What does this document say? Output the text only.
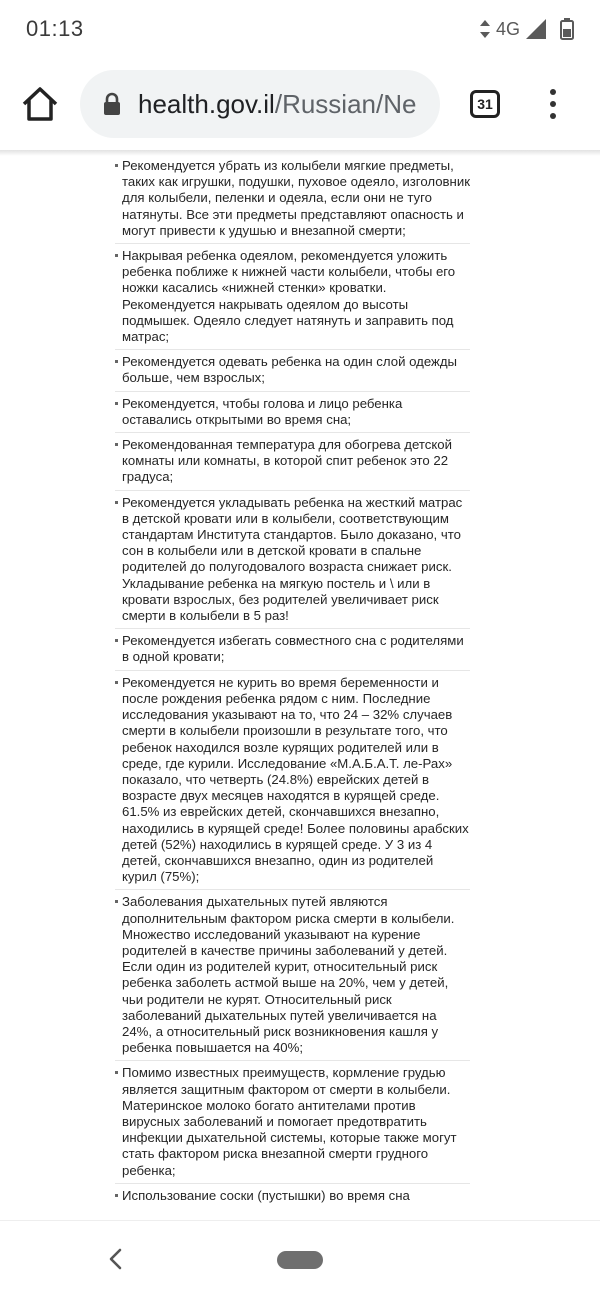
01:13	4G
health.gov.il/Russian/Ne	31
Рекомендуется убрать из колыбели мягкие предметы, таких как игрушки, подушки, пуховое одеяло, изголовник для колыбели, пеленки и одеяла, если они не туго натянуты. Все эти предметы представляют опасность и могут привести к удушью и внезапной смерти;
Накрывая ребенка одеялом, рекомендуется уложить ребенка поближе к нижней части колыбели, чтобы его ножки касались «нижней стенки» кроватки. Рекомендуется накрывать одеялом до высоты подмышек. Одеяло следует натянуть и заправить под матрас;
Рекомендуется одевать ребенка на один слой одежды больше, чем взрослых;
Рекомендуется, чтобы голова и лицо ребенка оставались открытыми во время сна;
Рекомендованная температура для обогрева детской комнаты или комнаты, в которой спит ребенок это 22 градуса;
Рекомендуется укладывать ребенка на жесткий матрас в детской кровати или в колыбели, соответствующим стандартам Института стандартов. Было доказано, что сон в колыбели или в детской кровати в спальне родителей до полугодовалого возраста снижает риск. Укладывание ребенка на мягкую постель и \ или в кровати взрослых, без родителей увеличивает риск смерти в колыбели в 5 раз!
Рекомендуется избегать совместного сна с родителями в одной кровати;
Рекомендуется не курить во время беременности и после рождения ребенка рядом с ним. Последние исследования указывают на то, что 24 – 32% случаев смерти в колыбели произошли в результате того, что ребенок находился возле курящих родителей или в среде, где курили. Исследование «М.А.Б.А.Т. ле-Рах» показало, что четверть (24.8%) еврейских детей в возрасте двух месяцев находятся в курящей среде. 61.5% из еврейских детей, скончавшихся внезапно, находились в курящей среде! Более половины арабских детей (52%) находились в курящей среде. У 3 из 4 детей, скончавшихся внезапно, один из родителей курил (75%);
Заболевания дыхательных путей являются дополнительным фактором риска смерти в колыбели. Множество исследований указывают на курение родителей в качестве причины заболеваний у детей. Если один из родителей курит, относительный риск ребенка заболеть астмой выше на 20%, чем у детей, чьи родители не курят. Относительный риск заболеваний дыхательных путей увеличивается на 24%, а относительный риск возникновения кашля у ребенка повышается на 40%;
Помимо известных преимуществ, кормление грудью является защитным фактором от смерти в колыбели. Материнское молоко богато антителами против вирусных заболеваний и помогает предотвратить инфекции дыхательной системы, которые также могут стать фактором риска внезапной смерти грудного ребенка;
Использование соски (пустышки) во время сна
